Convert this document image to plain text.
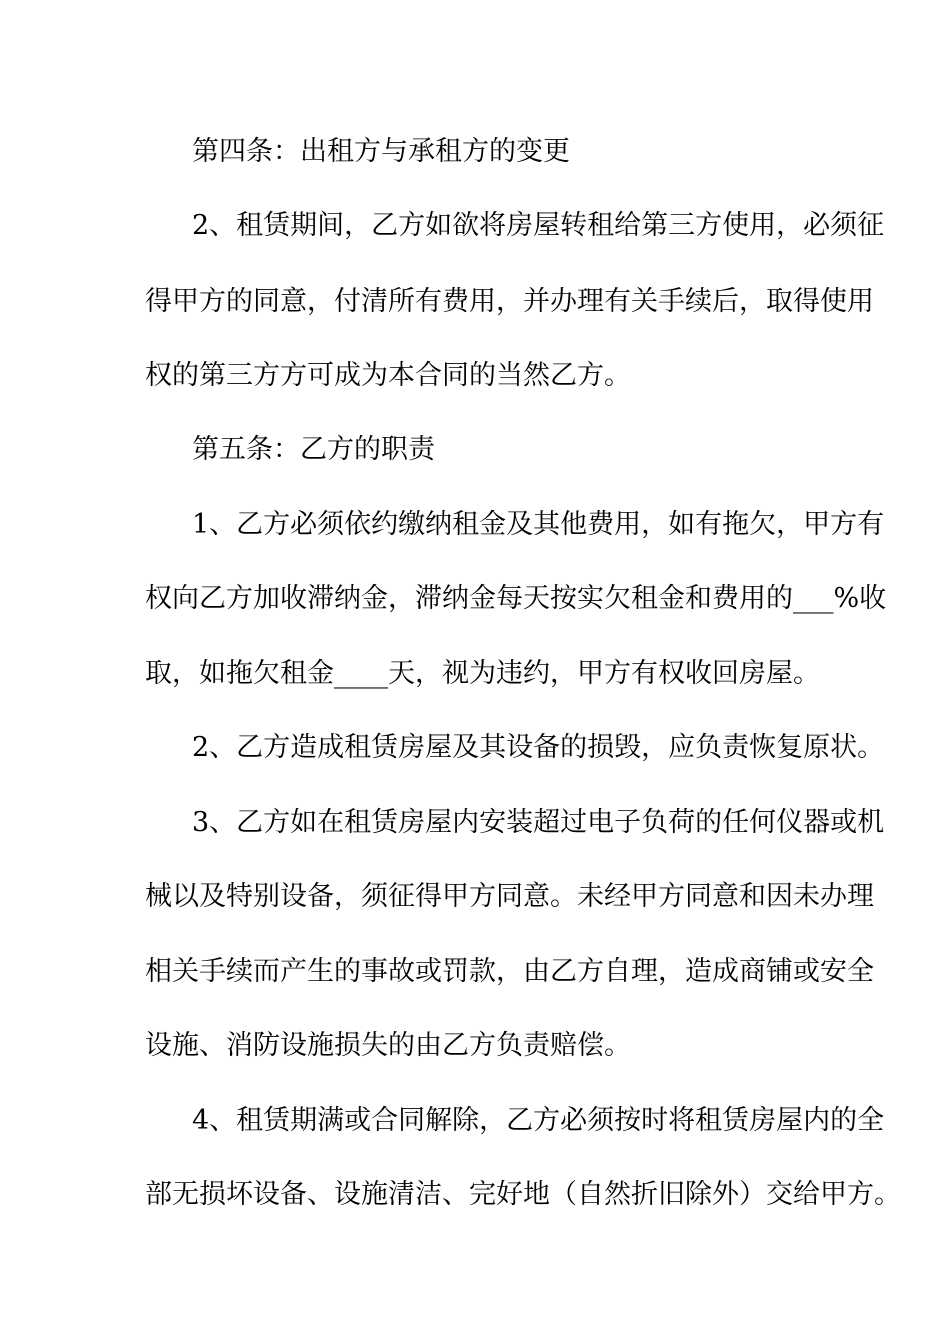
第四条：出租方与承租方的变更
2、租赁期间，乙方如欲将房屋转租给第三方使用，必须征
得甲方的同意，付清所有费用，并办理有关手续后，取得使用
权的第三方方可成为本合同的当然乙方。
第五条：乙方的职责
1、乙方必须依约缴纳租金及其他费用，如有拖欠，甲方有
权向乙方加收滞纳金，滞纳金每天按实欠租金和费用的___%收
取，如拖欠租金____天，视为违约，甲方有权收回房屋。
2、乙方造成租赁房屋及其设备的损毁，应负责恢复原状。
3、乙方如在租赁房屋内安装超过电子负荷的任何仪器或机
械以及特别设备，须征得甲方同意。未经甲方同意和因未办理
相关手续而产生的事故或罚款，由乙方自理，造成商铺或安全
设施、消防设施损失的由乙方负责赔偿。
4、租赁期满或合同解除，乙方必须按时将租赁房屋内的全
部无损坏设备、设施清洁、完好地（自然折旧除外）交给甲方。
